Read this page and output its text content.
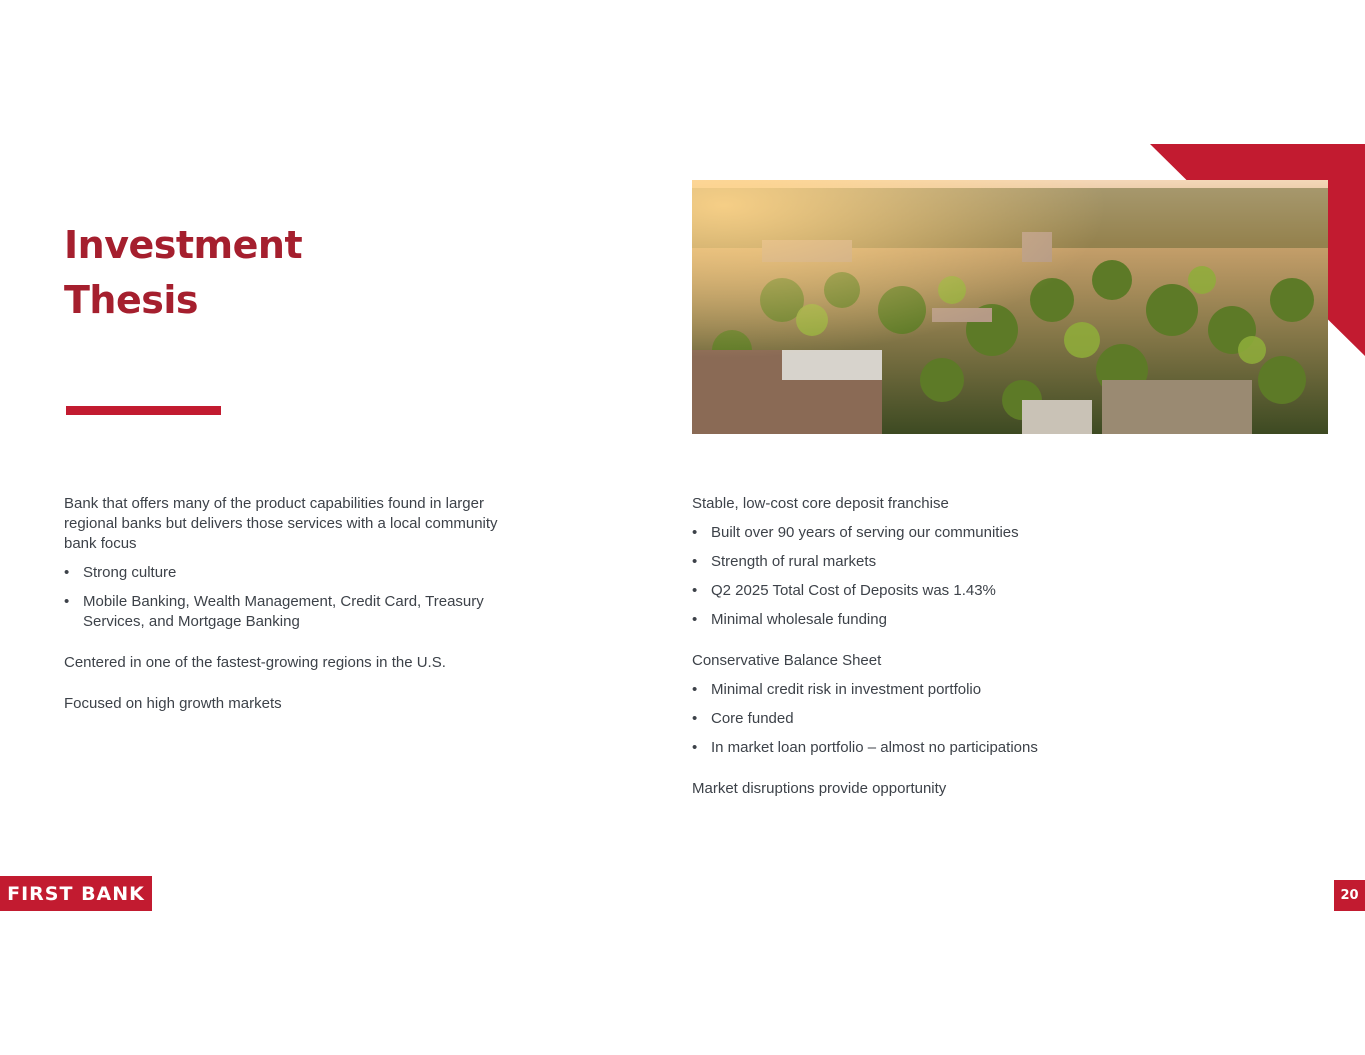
Investment
Thesis

Bank that offers many of the product capabilities found in larger regional banks but delivers those services with a local community bank focus

• Strong culture
• Mobile Banking, Wealth Management, Credit Card, Treasury Services, and Mortgage Banking

Centered in one of the fastest-growing regions in the U.S.

Focused on high growth markets

Stable, low-cost core deposit franchise

• Built over 90 years of serving our communities
• Strength of rural markets
• Q2 2025 Total Cost of Deposits was 1.43%
• Minimal wholesale funding

Conservative Balance Sheet

• Minimal credit risk in investment portfolio
• Core funded
• In market loan portfolio – almost no participations

Market disruptions provide opportunity

FIRST BANK	20
